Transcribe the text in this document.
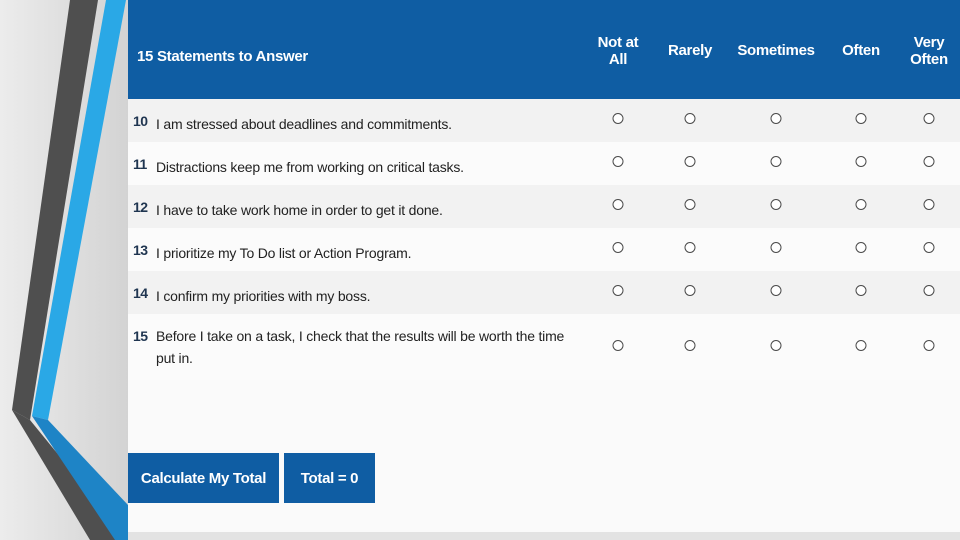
15 Statements to Answer
Not at
All
Rarely Sometimes Often Very
Often
10 I am stressed about deadlines and commitments.
11 Distractions keep me from working on critical tasks.
12 I have to take work home in order to get it done.
13 I prioritize my To Do list or Action Program.
14 I confirm my priorities with my boss.
15 Before I take on a task, I check that the results will be worth the time put in.
Calculate My Total	Total = 0
